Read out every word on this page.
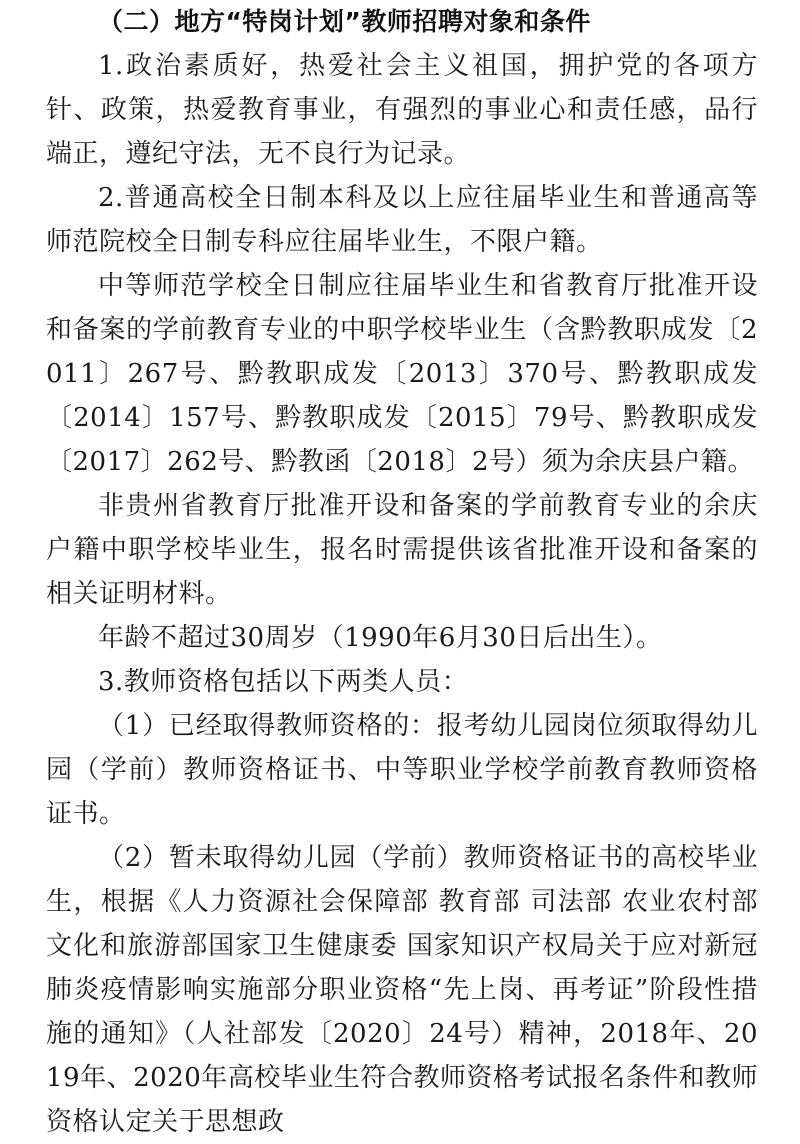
（二）地方“特岗计划”教师招聘对象和条件

1.政治素质好，热爱社会主义祖国，拥护党的各项方针、政策，热爱教育事业，有强烈的事业心和责任感，品行端正，遵纪守法，无不良行为记录。

2.普通高校全日制本科及以上应往届毕业生和普通高等师范院校全日制专科应往届毕业生，不限户籍。

中等师范学校全日制应往届毕业生和省教育厅批准开设和备案的学前教育专业的中职学校毕业生（含黔教职成发〔2011〕267号、黔教职成发〔2013〕370号、黔教职成发〔2014〕157号、黔教职成发〔2015〕79号、黔教职成发〔2017〕262号、黔教函〔2018〕2号）须为余庆县户籍。

非贵州省教育厅批准开设和备案的学前教育专业的余庆户籍中职学校毕业生，报名时需提供该省批准开设和备案的相关证明材料。

年龄不超过30周岁（1990年6月30日后出生）。

3.教师资格包括以下两类人员：

（1）已经取得教师资格的：报考幼儿园岗位须取得幼儿园（学前）教师资格证书、中等职业学校学前教育教师资格证书。

（2）暂未取得幼儿园（学前）教师资格证书的高校毕业生，根据《人力资源社会保障部 教育部 司法部 农业农村部文化和旅游部国家卫生健康委 国家知识产权局关于应对新冠肺炎疫情影响实施部分职业资格“先上岗、再考证”阶段性措施的通知》（人社部发〔2020〕24号）精神，2018年、2019年、2020年高校毕业生符合教师资格考试报名条件和教师资格认定关于思想政
